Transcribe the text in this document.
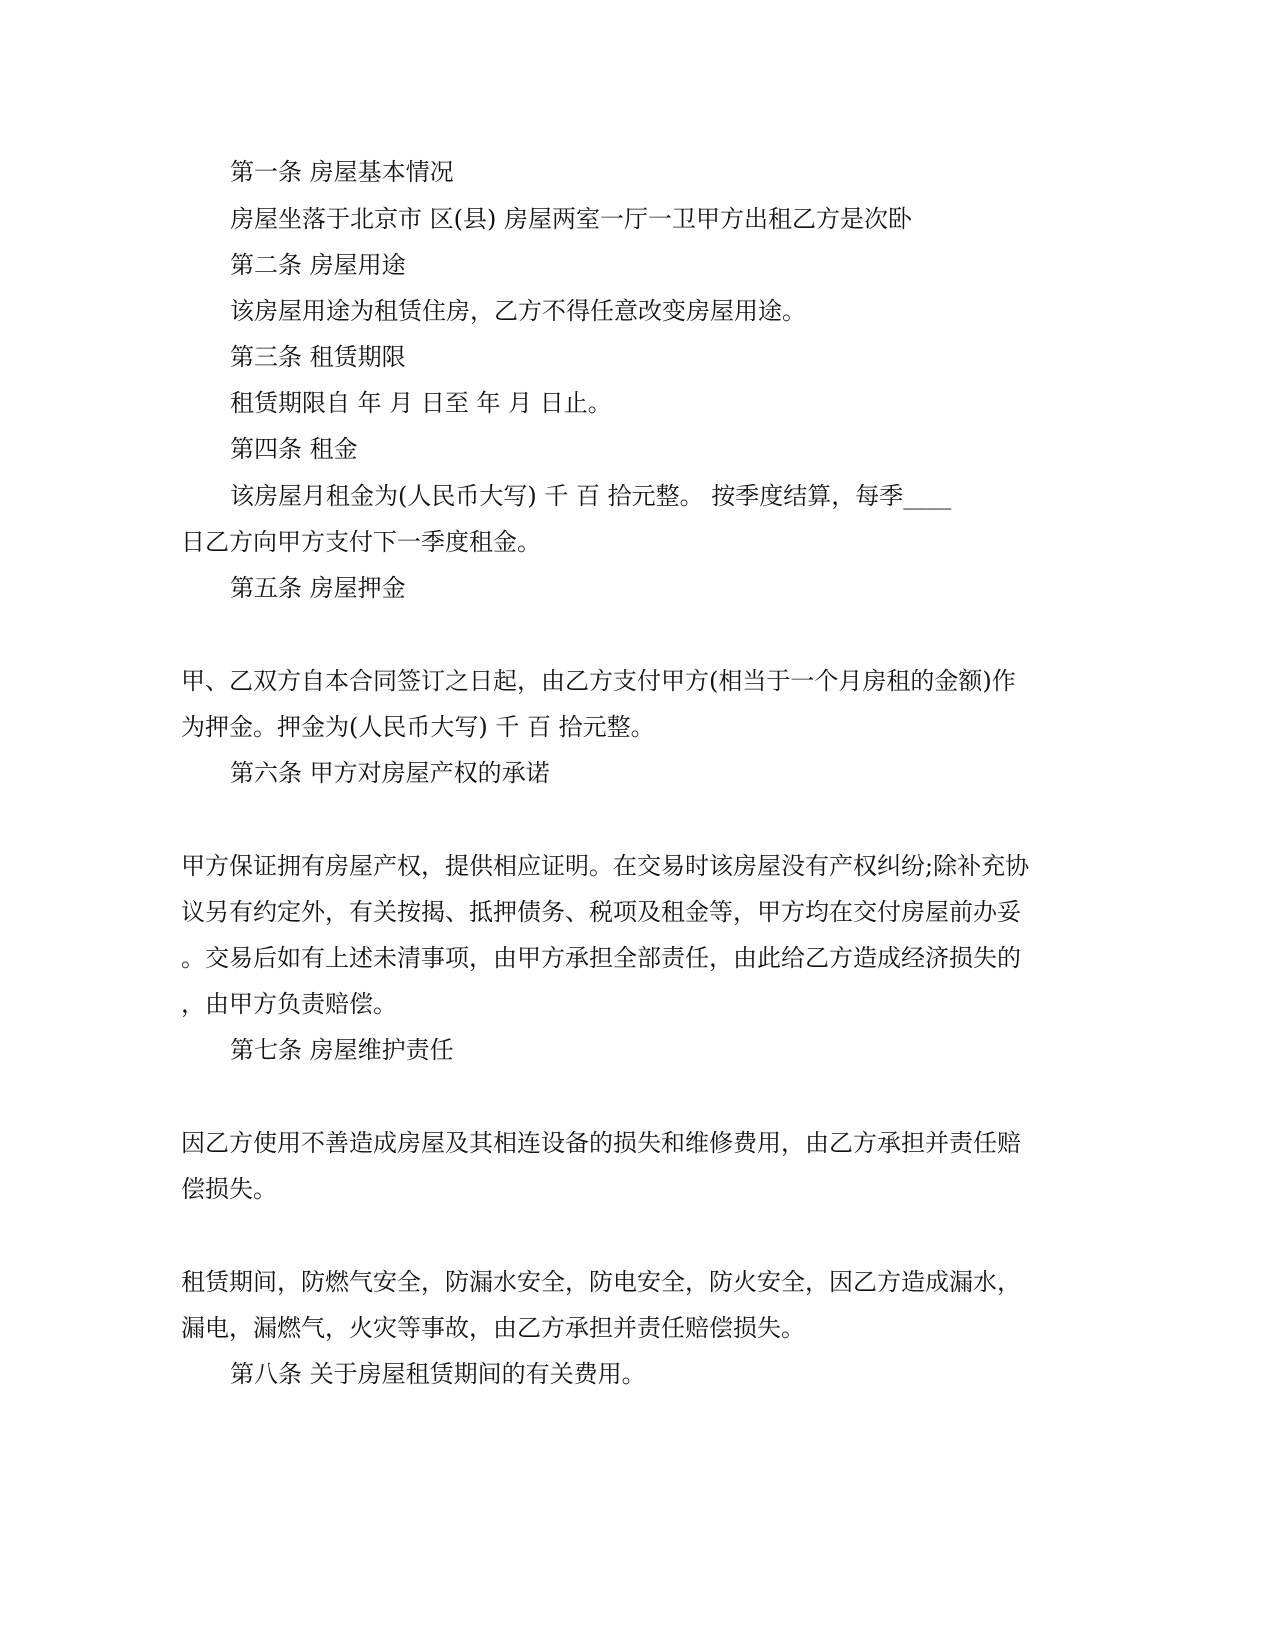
第一条 房屋基本情况
房屋坐落于北京市 区(县) 房屋两室一厅一卫甲方出租乙方是次卧
第二条 房屋用途
该房屋用途为租赁住房，乙方不得任意改变房屋用途。
第三条 租赁期限
租赁期限自 年 月 日至 年 月 日止。
第四条 租金
该房屋月租金为(人民币大写) 千 百 拾元整。 按季度结算，每季____
日乙方向甲方支付下一季度租金。
第五条 房屋押金
甲、乙双方自本合同签订之日起，由乙方支付甲方(相当于一个月房租的金额)作
为押金。押金为(人民币大写) 千 百 拾元整。
第六条 甲方对房屋产权的承诺
甲方保证拥有房屋产权，提供相应证明。在交易时该房屋没有产权纠纷;除补充协
议另有约定外，有关按揭、抵押债务、税项及租金等，甲方均在交付房屋前办妥
。交易后如有上述未清事项，由甲方承担全部责任，由此给乙方造成经济损失的
，由甲方负责赔偿。
第七条 房屋维护责任
因乙方使用不善造成房屋及其相连设备的损失和维修费用，由乙方承担并责任赔
偿损失。
租赁期间，防燃气安全，防漏水安全，防电安全，防火安全，因乙方造成漏水，
漏电，漏燃气，火灾等事故，由乙方承担并责任赔偿损失。
第八条 关于房屋租赁期间的有关费用。
